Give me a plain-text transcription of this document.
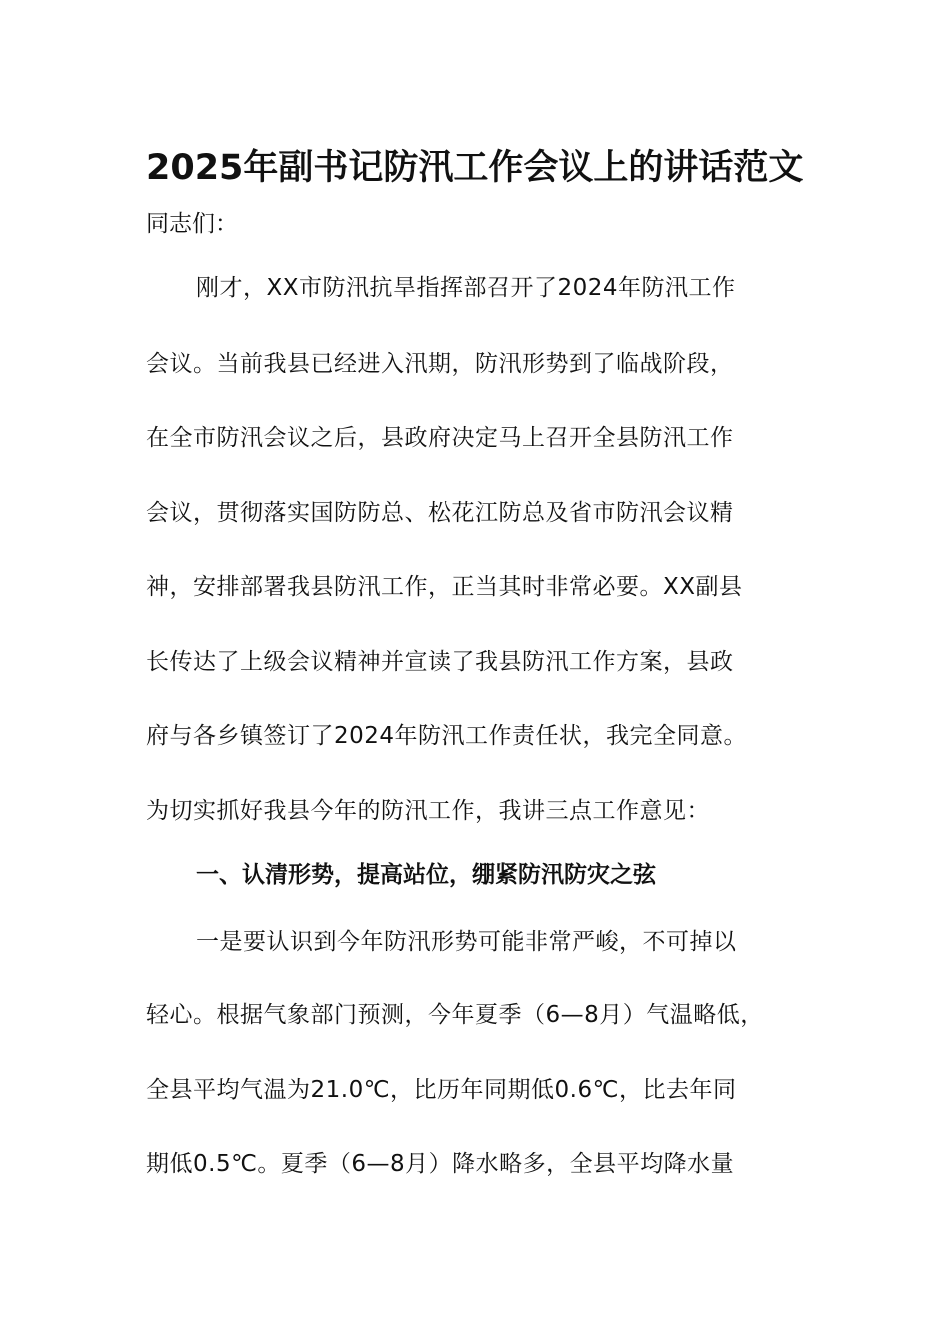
2025年副书记防汛工作会议上的讲话范文
同志们：
刚才，XX市防汛抗旱指挥部召开了2024年防汛工作
会议。当前我县已经进入汛期，防汛形势到了临战阶段，
在全市防汛会议之后，县政府决定马上召开全县防汛工作
会议，贯彻落实国防防总、松花江防总及省市防汛会议精
神，安排部署我县防汛工作，正当其时非常必要。XX副县
长传达了上级会议精神并宣读了我县防汛工作方案，县政
府与各乡镇签订了2024年防汛工作责任状，我完全同意。
为切实抓好我县今年的防汛工作，我讲三点工作意见：
一、认清形势，提高站位，绷紧防汛防灾之弦
一是要认识到今年防汛形势可能非常严峻，不可掉以
轻心。根据气象部门预测，今年夏季（6—8月）气温略低，
全县平均气温为21.0℃，比历年同期低0.6℃，比去年同
期低0.5℃。夏季（6—8月）降水略多，全县平均降水量
